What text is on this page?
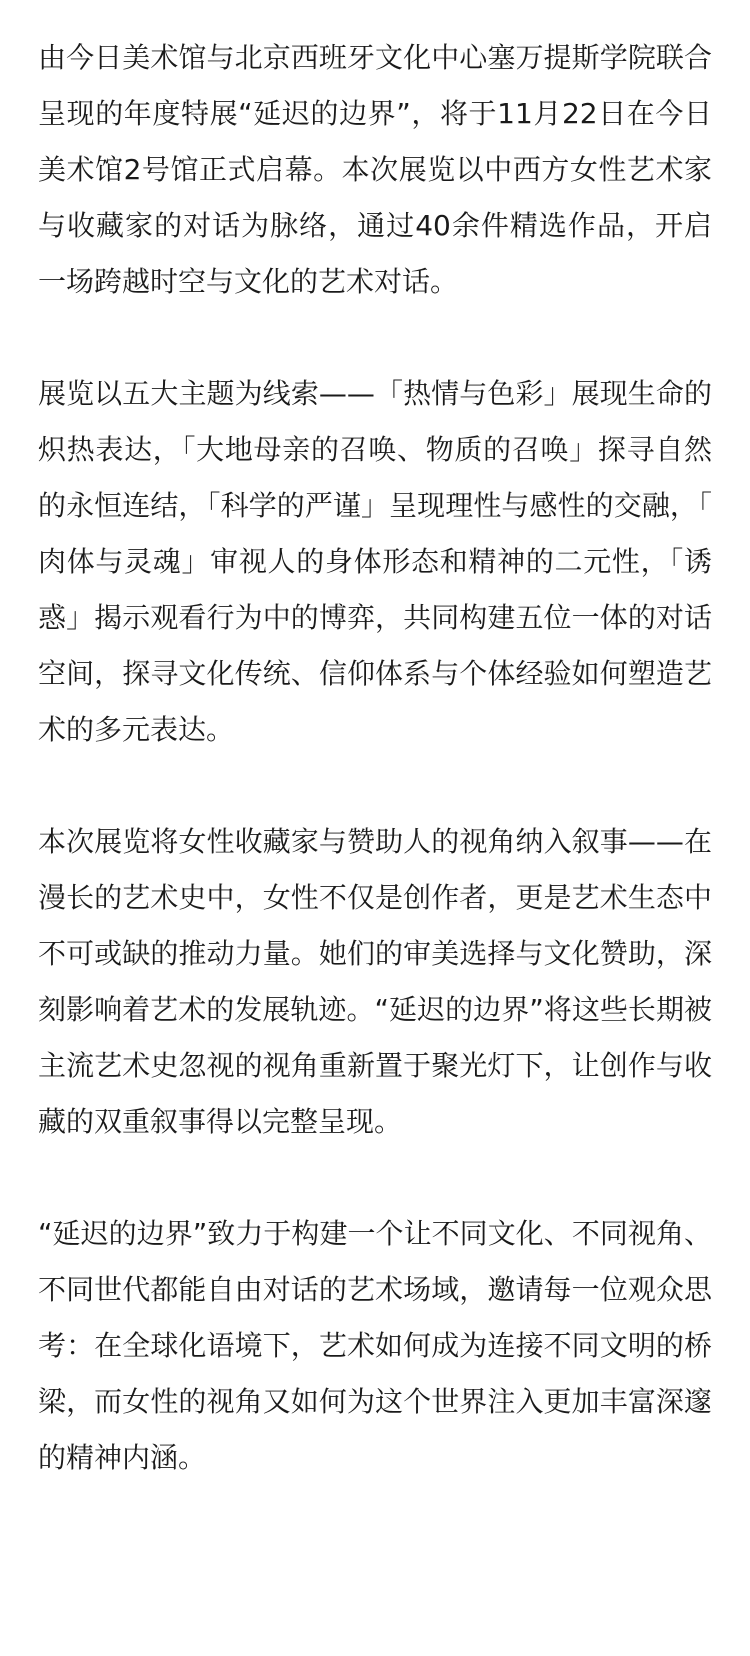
由今日美术馆与北京西班牙文化中心塞万提斯学院联合呈现的年度特展“延迟的边界”，将于11月22日在今日美术馆2号馆正式启幕。本次展览以中西方女性艺术家与收藏家的对话为脉络，通过40余件精选作品，开启一场跨越时空与文化的艺术对话。

展览以五大主题为线索——「热情与色彩」展现生命的炽热表达，「大地母亲的召唤、物质的召唤」探寻自然的永恒连结，「科学的严谨」呈现理性与感性的交融，「肉体与灵魂」审视人的身体形态和精神的二元性，「诱惑」揭示观看行为中的博弈，共同构建五位一体的对话空间，探寻文化传统、信仰体系与个体经验如何塑造艺术的多元表达。

本次展览将女性收藏家与赞助人的视角纳入叙事——在漫长的艺术史中，女性不仅是创作者，更是艺术生态中不可或缺的推动力量。她们的审美选择与文化赞助，深刻影响着艺术的发展轨迹。“延迟的边界”将这些长期被主流艺术史忽视的视角重新置于聚光灯下，让创作与收藏的双重叙事得以完整呈现。

“延迟的边界”致力于构建一个让不同文化、不同视角、不同世代都能自由对话的艺术场域，邀请每一位观众思考：在全球化语境下，艺术如何成为连接不同文明的桥梁，而女性的视角又如何为这个世界注入更加丰富深邃的精神内涵。
